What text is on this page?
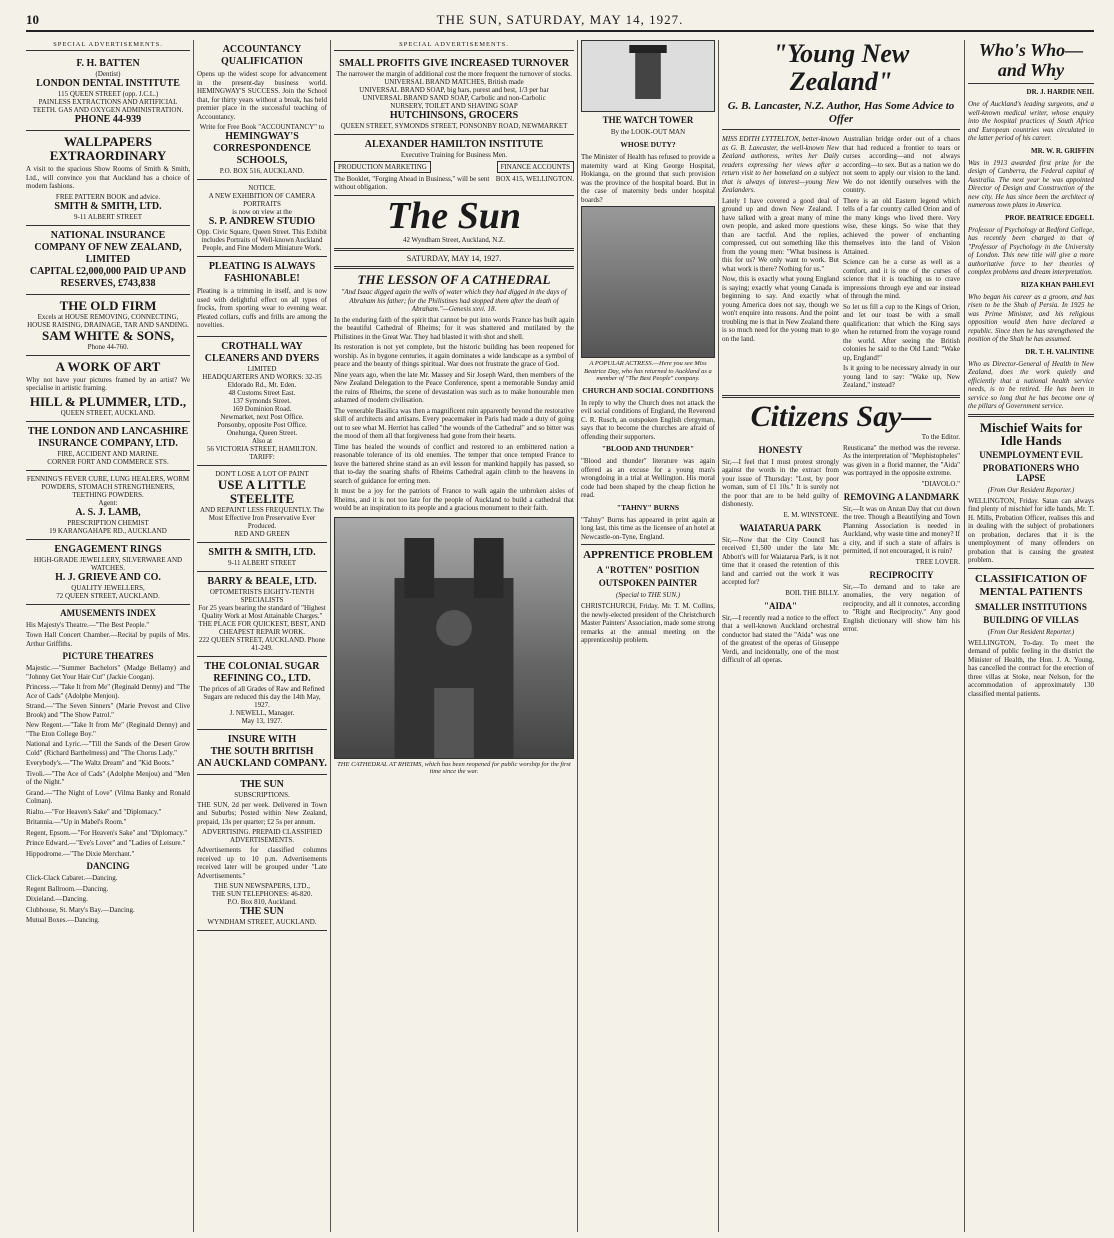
10	THE SUN, SATURDAY, MAY 14, 1927.
SPECIAL ADVERTISEMENTS.
F. H. BATTEN
(Dentist)
LONDON DENTAL INSTITUTE
115 QUEEN STREET (opp. J.C.L.)
PAINLESS EXTRACTIONS AND ARTIFICIAL TEETH. GAS AND OXYGEN ADMINISTRATION.
PHONE 44-939
WALLPAPERS EXTRAORDINARY
A visit to the spacious Show Rooms of Smith & Smith, Ltd., will convince you that Auckland has a choice of modern fashions.
FREE PATTERN BOOK and advice.
SMITH & SMITH, LTD.
9-11 ALBERT STREET
NATIONAL INSURANCE COMPANY OF NEW ZEALAND, LIMITED
CAPITAL £2,000,000 PAID UP AND RESERVES, £743,838
THE OLD FIRM
Excels at HOUSE REMOVING, CONNECTING, HOUSE RAISING, DRAINAGE, TAR AND SANDING.
SAM WHITE & SONS,
Phone 44-760.
A WORK OF ART
Why not have your pictures framed by an artist? We specialise in artistic framing.
HILL & PLUMMER, LTD.,
QUEEN STREET, AUCKLAND.
THE LONDON AND LANCASHIRE INSURANCE COMPANY, LTD.
FIRE, ACCIDENT AND MARINE.
CORNER FORT AND COMMERCE STS.
FENNING'S FEVER CURE, LUNG HEALERS, WORM POWDERS, STOMACH STRENGTHENERS, TEETHING POWDERS.
Agent:
A. S. J. LAMB,
PRESCRIPTION CHEMIST
19 KARANGAHAPE RD., AUCKLAND
ENGAGEMENT RINGS
HIGH-GRADE JEWELLERY, SILVERWARE AND WATCHES.
H. J. GRIEVE AND CO.
QUALITY JEWELLERS,
72 QUEEN STREET, AUCKLAND.
AMUSEMENTS INDEX
His Majesty's Theatre.—"The Best People."
Town Hall Concert Chamber.—Recital by pupils of Mrs. Arthur Griffiths.
PICTURE THEATRES
Majestic.—"Summer Bachelors" (Madge Bellamy) and "Johnny Get Your Hair Cut" (Jackie Coogan).
Princess.—"Take It from Me" (Reginald Denny) and "The Ace of Cads" (Adolphe Menjou).
Strand.—"The Seven Sinners" (Marie Prevost and Clive Brook) and "The Show Patrol."
New Regent.—"Take It from Me" (Reginald Denny) and "The Eton College Boy."
National and Lyric.—"Till the Sands of the Desert Grow Cold" (Richard Barthelmess) and "The Chorus Lady."
Everybody's.—"The Waltz Dream" and "Kid Boots."
Tivoli.—"The Ace of Cads" (Adolphe Menjou) and "Men of the Night."
Grand.—"The Night of Love" (Vilma Banky and Ronald Colman).
Rialto.—"For Heaven's Sake" and "Diplomacy."
Britannia.—"Up in Mabel's Room."
Regent, Epsom.—"For Heaven's Sake" and "Diplomacy."
Prince Edward.—"Eve's Lover" and "Ladies of Leisure."
Hippodrome.—"The Dixie Merchant."
DANCING
Click-Clack Cabaret.—Dancing.
Regent Ballroom.—Dancing.
Dixieland.—Dancing.
Clubhouse, St. Mary's Bay.—Dancing.
Mutual Boxes.—Dancing.
ACCOUNTANCY QUALIFICATION
Opens up the widest scope for advancement in the present-day business world. HEMINGWAY'S SUCCESS. Join the School that, for thirty years without a break, has held premier place in the successful teaching of Accountancy.
Write for Free Book "ACCOUNTANCY" to
HEMINGWAY'S CORRESPONDENCE SCHOOLS,
P.O. BOX 516, AUCKLAND.
NOTICE.
A NEW EXHIBITION OF CAMERA PORTRAITS
is now on view at the
S. P. ANDREW STUDIO
Opp. Civic Square, Queen Street. This Exhibit includes Portraits of Well-known Auckland People, and Fine Modern Miniature Work.
PLEATING IS ALWAYS FASHIONABLE!
Pleating is a trimming in itself, and is now used with delightful effect on all types of frocks, from sporting wear to evening wear. Pleated collars, cuffs and frills are among the novelties.
CROTHALL WAY CLEANERS AND DYERS
LIMITED
HEADQUARTERS AND WORKS: 32-35 Eldorado Rd., Mt. Eden.
48 Customs Street East.
137 Symonds Street.
169 Dominion Road.
Newmarket, next Post Office.
Ponsonby, opposite Post Office.
Onehunga, Queen Street.
Also at
56 VICTORIA STREET, HAMILTON.
TARIFF:
DON'T LOSE A LOT OF PAINT
USE A LITTLE STEELITE
AND REPAINT LESS FREQUENTLY. The Most Effective Iron Preservative Ever Produced.
RED AND GREEN
SMITH & SMITH, LTD.
9-11 ALBERT STREET
BARRY & BEALE, LTD.
OPTOMETRISTS EIGHTY-TENTH SPECIALISTS
For 25 years bearing the standard of "Highest Quality Work at Most Attainable Charges." THE PLACE FOR QUICKEST, BEST, AND CHEAPEST REPAIR WORK.
222 QUEEN STREET, AUCKLAND. Phone 41-249.
THE COLONIAL SUGAR REFINING CO., LTD.
The prices of all Grades of Raw and Refined Sugars are reduced this day the 14th May, 1927.
J. NEWELL, Manager.
May 13, 1927.
INSURE WITH
THE SOUTH BRITISH
AN AUCKLAND COMPANY.
THE SUN
SUBSCRIPTIONS.
THE SUN, 2d per week. Delivered in Town and Suburbs; Posted within New Zealand, prepaid, 13s per quarter; £2 5s per annum.
ADVERTISING. PREPAID CLASSIFIED ADVERTISEMENTS.
Advertisements for classified columns received up to 10 p.m. Advertisements received later will be grouped under "Late Advertisements."
THE SUN NEWSPAPERS, LTD.,
THE SUN TELEPHONES: 46-820.
P.O. Box 810, Auckland.
THE SUN
WYNDHAM STREET, AUCKLAND.
SPECIAL ADVERTISEMENTS.
SMALL PROFITS GIVE INCREASED TURNOVER
The narrower the margin of additional cost the more frequent the turnover of stocks.
UNIVERSAL BRAND MATCHES, British made
UNIVERSAL BRAND SOAP, big bars, purest and best, 1/3 per bar
UNIVERSAL BRAND SAND SOAP, Carbolic and non-Carbolic
NURSERY, TOILET AND SHAVING SOAP
HUTCHINSONS, GROCERS
QUEEN STREET, SYMONDS STREET, PONSONBY ROAD, NEWMARKET
ALEXANDER HAMILTON INSTITUTE
Executive Training for Business Men.
PRODUCTION MARKETING	FINANCE ACCOUNTS
The Booklet, "Forging Ahead in Business," will be sent without obligation.
BOX 415, WELLINGTON.
The Sun
42 Wyndham Street, Auckland, N.Z.
SATURDAY, MAY 14, 1927.
THE LESSON OF A CATHEDRAL
"And Isaac digged again the wells of water which they had digged in the days of Abraham his father; for the Philistines had stopped them after the death of Abraham."—Genesis xxvi. 18.
In the enduring faith of the spirit that cannot be put into words France has built again the beautiful Cathedral of Rheims; for it was shattered and mutilated by the Philistines in the Great War. They had blasted it with shot and shell.
Its restoration is not yet complete, but the historic building has been reopened for worship. As in bygone centuries, it again dominates a wide landscape as a symbol of peace and the beauty of things spiritual. War does not frustrate the grace of God.
Nine years ago, when the late Mr. Massey and Sir Joseph Ward, then members of the New Zealand Delegation to the Peace Conference, spent a memorable Sunday amid the ruins of Rheims, the scene of devastation was such as to make honourable men ashamed of modern civilisation.
The venerable Basilica was then a magnificent ruin apparently beyond the restorative skill of architects and artisans. Every peacemaker in Paris had made a duty of going out to see what M. Herriot has called "the wounds of the Cathedral" and so bitter was the mood of them all that forgiveness had gone from their hearts.
Time has healed the wounds of conflict and restored to an embittered nation a reasonable tolerance of its old enemies. The temper that once tempted France to leave the battered shrine stand as an evil lesson for mankind happily has passed, so that to-day the soaring shafts of Rheims Cathedral again climb to the heavens in search of guidance for erring men.
It must be a joy for the patriots of France to walk again the unbroken aisles of Rheims, and it is not too late for the people of Auckland to build a cathedral that would be an inspiration to its people and a gracious monument to their faith.
THE CATHEDRAL AT RHEIMS, which has been reopened for public worship for the first time since the war.
THE WATCH TOWER
By the LOOK-OUT MAN
WHOSE DUTY?
The Minister of Health has refused to provide a maternity ward at King George Hospital, Hokianga, on the ground that such provision was the province of the hospital board. But in the case of maternity beds under hospital boards?
A POPULAR ACTRESS.—Here you see Miss Beatrice Day, who has returned to Auckland as a member of "The Best People" company.
CHURCH AND SOCIAL CONDITIONS
In reply to why the Church does not attack the evil social conditions of England, the Reverend C. R. Rusch, an outspoken English clergyman, says that to become the churches are afraid of offending their supporters.
"BLOOD AND THUNDER"
"Blood and thunder" literature was again offered as an excuse for a young man's wrongdoing in a trial at Wellington. His moral code had been shaped by the cheap fiction he read.
"TAHNY" BURNS
"Tahny" Burns has appeared in print again at long last, this time as the licensee of an hotel at Newcastle-on-Tyne, England.
APPRENTICE PROBLEM
A "ROTTEN" POSITION
OUTSPOKEN PAINTER
(Special to THE SUN.)
CHRISTCHURCH, Friday. Mr. T. M. Collins, the newly-elected president of the Christchurch Master Painters' Association, made some strong remarks at the annual meeting on the apprenticeship problem.
"Young New Zealand"
G. B. Lancaster, N.Z. Author, Has Some Advice to Offer
MISS EDITH LYTTELTON, better-known as G. B. Lancaster, the well-known New Zealand authoress, writes her Daily readers expressing her views after a return visit to her homeland on a subject that is always of interest—young New Zealanders.
Lately I have covered a good deal of ground up and down New Zealand. I have talked with a great many of mine own people, and asked more questions than are tactful. And the replies, compressed, cut out something like this from the young men: "What business is this for us? We only want to work. But what work is there? Nothing for us."
Now, this is exactly what young England is saying; exactly what young Canada is beginning to say. And exactly what young America does not say, though we won't enquire into reasons. And the point troubling me is that in New Zealand there is so much need for the young man to go on the land.
Australian bridge order out of a chaos that had reduced a frontier to tears or curses according—and not always according—to sex. But as a nation we do not seem to apply our vision to the land. We do not identify ourselves with the country.
There is an old Eastern legend which tells of a far country called Orion and of the many kings who lived there. Very wise, these kings. So wise that they achieved the power of enchanting themselves into the land of Vision Attained.
Science can be a curse as well as a comfort, and it is one of the curses of science that it is teaching us to crave impressions through eye and ear instead of through the mind.
So let us fill a cup to the Kings of Orion, and let our toast be with a small qualification: that which the King says when he returned from the voyage round the world. After seeing the British colonies he said to the Old Land: "Wake up, England!"
Is it going to be necessary already in our young land to say: "Wake up, New Zealand," instead?
Citizens Say—
To the Editor.
HONESTY
Sir,—I feel that I must protest strongly against the words in the extract from your issue of Thursday: "Lost, by poor woman, sum of £1 10s." It is surely not the poor that are to be held guilty of dishonesty.
E. M. WINSTONE.
WAIATARUA PARK
Sir,—Now that the City Council has received £1,500 under the late Mr. Abbott's will for Waiatarua Park, is it not time that it ceased the retention of this land and carried out the work it was accepted for?
BOIL THE BILLY.
"AIDA"
Sir,—I recently read a notice to the effect that a well-known Auckland orchestral conductor had stated the "Aida" was one of the greatest of the operas of Giuseppe Verdi, and incidentally, one of the most difficult of all operas.
Reusticana" the method was the reverse. As the interpretation of "Mephistopheles" was given in a florid manner, the "Aida" was portrayed in the opposite extreme.
"DIAVOLO."
REMOVING A LANDMARK
Sir,—It was on Anzan Day that cut down the tree. Though a Beautifying and Town Planning Association is needed in Auckland, why waste time and money? If a city, and if such a state of affairs is permitted, if not encouraged, it is ruin?
TREE LOVER.
RECIPROCITY
Sir,—To demand and to take are anomalies, the very negation of reciprocity, and all it connotes, according to "Right and Reciprocity." Any good English dictionary will show him his error.
Who's Who—and Why
DR. J. HARDIE NEIL
One of Auckland's leading surgeons, and a well-known medical writer, whose enquiry into the hospital practices of South Africa and European countries was circulated in the latter period of his career.
MR. W. R. GRIFFIN
Was in 1913 awarded first prize for the design of Canberra, the Federal capital of Australia. The next year he was appointed Director of Design and Construction of the new city. He has since been the architect of numerous town plans in America.
PROF. BEATRICE EDGELL
Professor of Psychology at Bedford College, has recently been charged to that of "Professor of Psychology in the University of London. This new title will give a more authoritative force to her theories of complex problems and dream interpretation.
RIZA KHAN PAHLEVI
Who began his career as a groom, and has risen to be the Shah of Persia. In 1925 he was Prime Minister, and his religious opposition would then have declared a republic. Since then he has strengthened the position of the Shah he has assumed.
DR. T. H. VALINTINE
Who as Director-General of Health in New Zealand, does the work quietly and efficiently that a national health service needs, is to be retired. He has been in service so long that he has become one of the pillars of Government service.
Mischief Waits for Idle Hands
UNEMPLOYMENT EVIL
PROBATIONERS WHO LAPSE
(From Our Resident Reporter.)
WELLINGTON, Friday. Satan can always find plenty of mischief for idle hands, Mr. T. H. Mills, Probation Officer, realises this and in dealing with the subject of probationers on probation, declares that it is the unemployment of many offenders on probation that is causing the greatest problem.
CLASSIFICATION OF MENTAL PATIENTS
SMALLER INSTITUTIONS
BUILDING OF VILLAS
(From Our Resident Reporter.)
WELLINGTON, To-day. To meet the demand of public feeling in the district the Minister of Health, the Hon. J. A. Young, has cancelled the contract for the erection of three villas at Stoke, near Nelson, for the accommodation of approximately 130 classified mental patients.
